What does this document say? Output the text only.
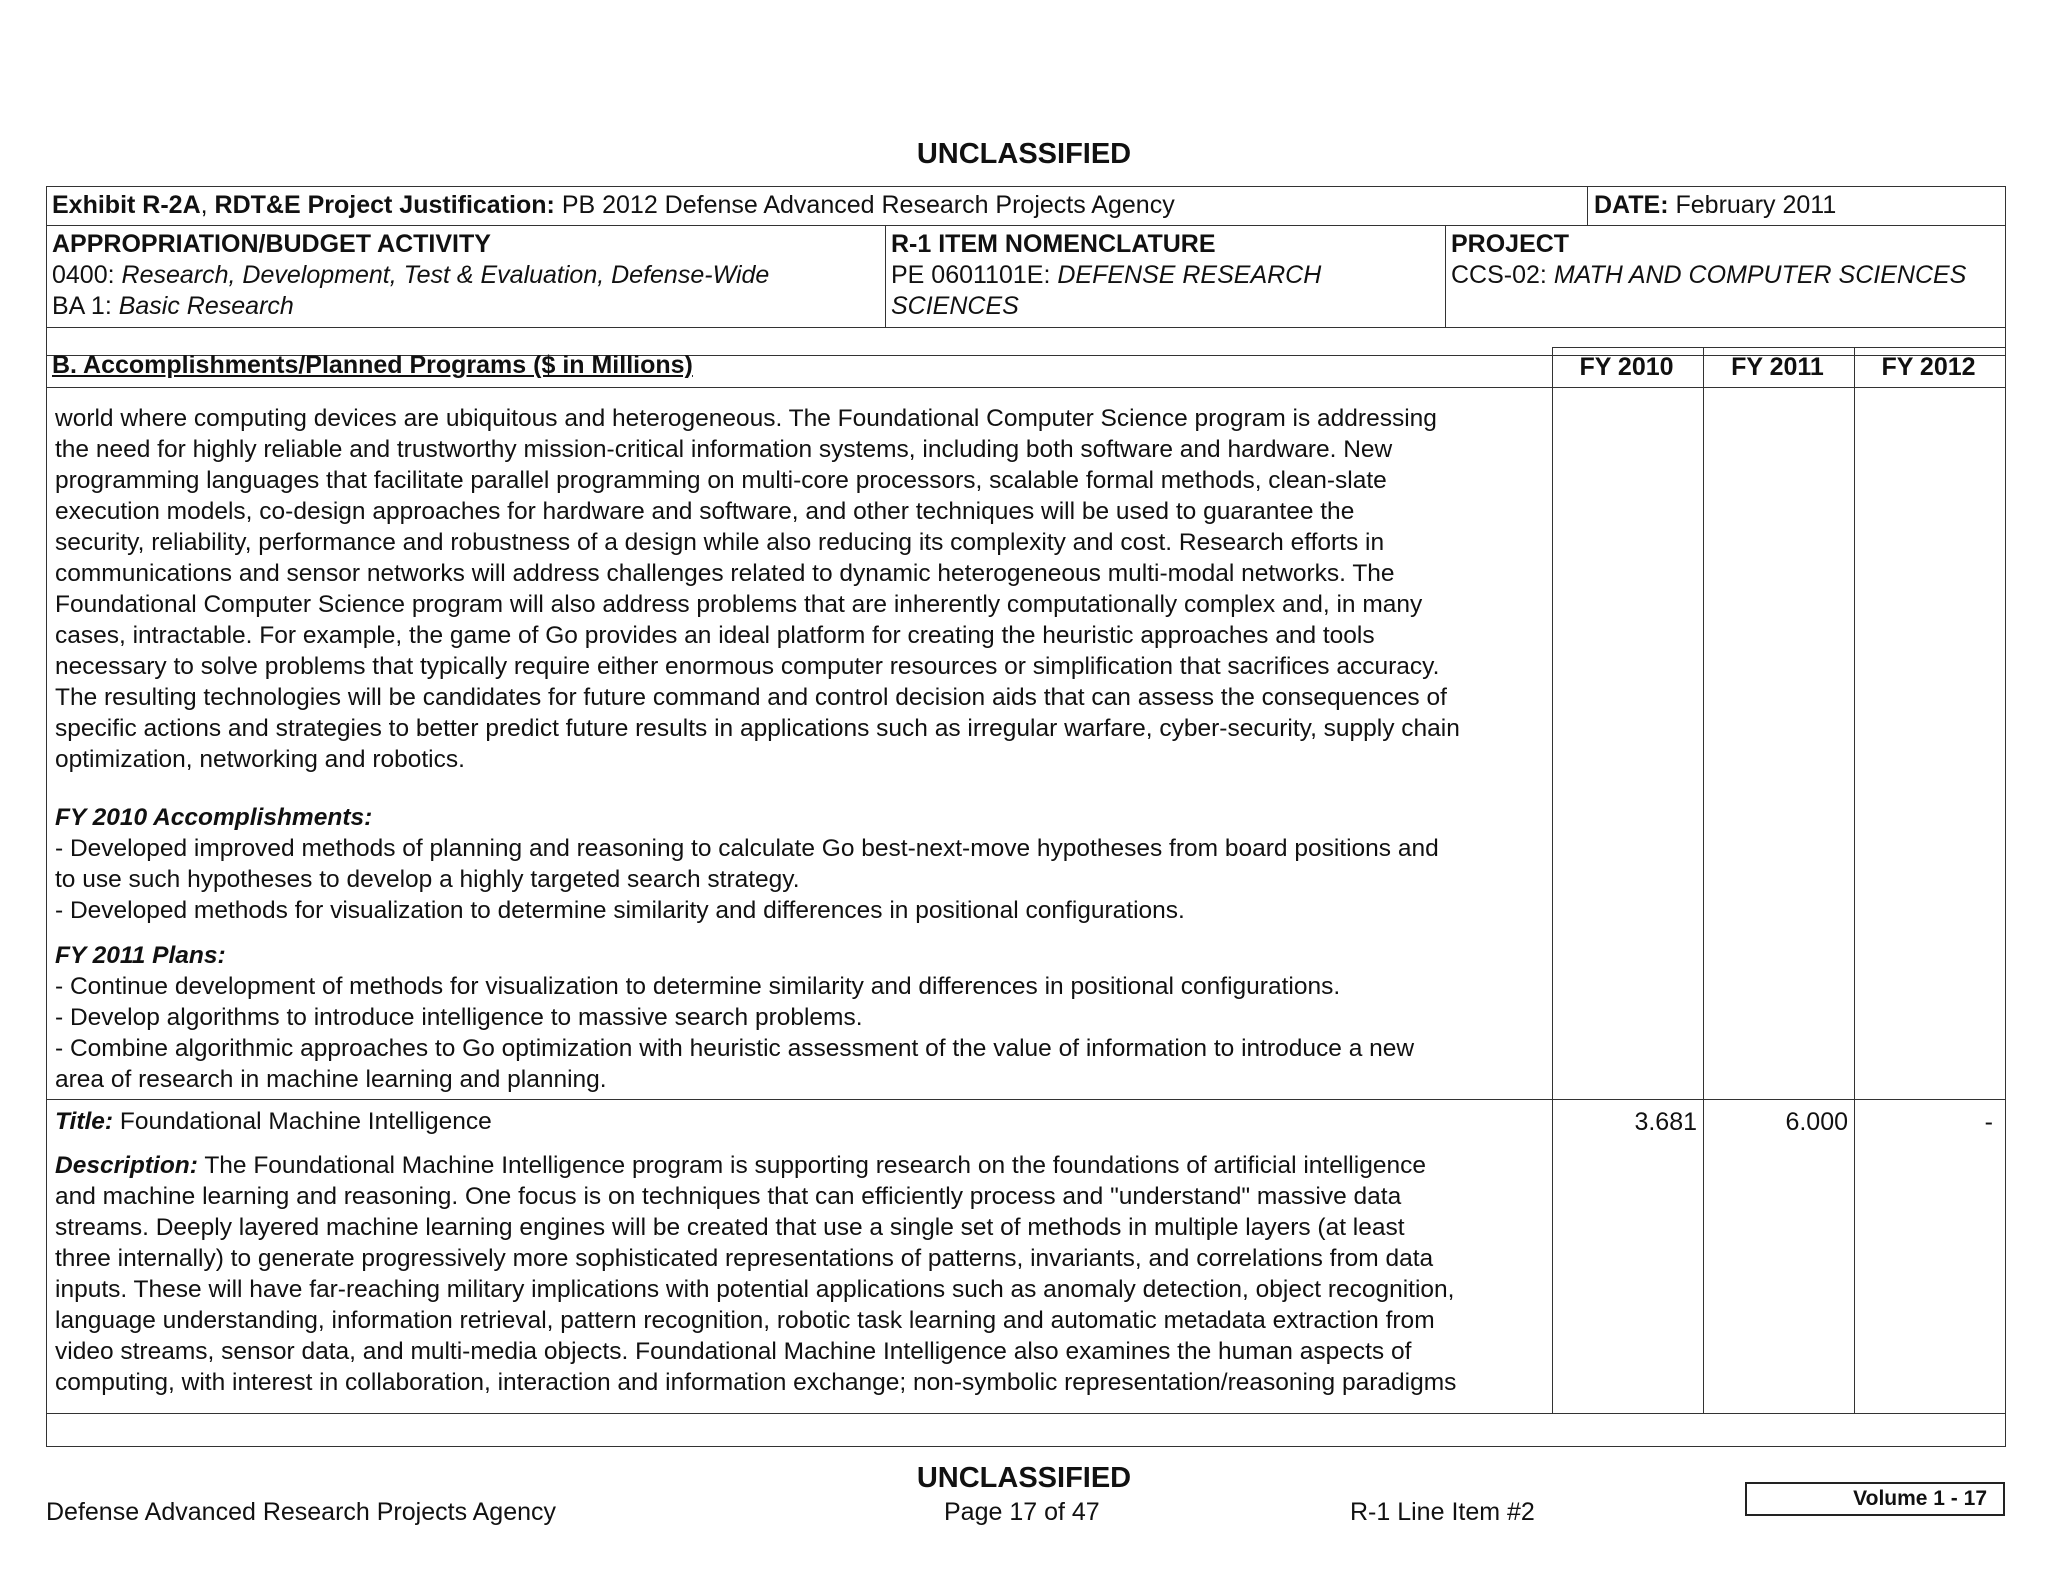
UNCLASSIFIED
Exhibit R-2A, RDT&E Project Justification: PB 2012 Defense Advanced Research Projects Agency	DATE: February 2011
APPROPRIATION/BUDGET ACTIVITY
0400: Research, Development, Test & Evaluation, Defense-Wide
BA 1: Basic Research
R-1 ITEM NOMENCLATURE
PE 0601101E: DEFENSE RESEARCH
SCIENCES
PROJECT
CCS-02: MATH AND COMPUTER SCIENCES
B. Accomplishments/Planned Programs ($ in Millions)	FY 2010	FY 2011	FY 2012
world where computing devices are ubiquitous and heterogeneous. The Foundational Computer Science program is addressing
the need for highly reliable and trustworthy mission-critical information systems, including both software and hardware. New
programming languages that facilitate parallel programming on multi-core processors, scalable formal methods, clean-slate
execution models, co-design approaches for hardware and software, and other techniques will be used to guarantee the
security, reliability, performance and robustness of a design while also reducing its complexity and cost. Research efforts in
communications and sensor networks will address challenges related to dynamic heterogeneous multi-modal networks. The
Foundational Computer Science program will also address problems that are inherently computationally complex and, in many
cases, intractable. For example, the game of Go provides an ideal platform for creating the heuristic approaches and tools
necessary to solve problems that typically require either enormous computer resources or simplification that sacrifices accuracy.
The resulting technologies will be candidates for future command and control decision aids that can assess the consequences of
specific actions and strategies to better predict future results in applications such as irregular warfare, cyber-security, supply chain
optimization, networking and robotics.
FY 2010 Accomplishments:
- Developed improved methods of planning and reasoning to calculate Go best-next-move hypotheses from board positions and
to use such hypotheses to develop a highly targeted search strategy.
- Developed methods for visualization to determine similarity and differences in positional configurations.
FY 2011 Plans:
- Continue development of methods for visualization to determine similarity and differences in positional configurations.
- Develop algorithms to introduce intelligence to massive search problems.
- Combine algorithmic approaches to Go optimization with heuristic assessment of the value of information to introduce a new
area of research in machine learning and planning.
Title: Foundational Machine Intelligence	3.681	6.000	-
Description: The Foundational Machine Intelligence program is supporting research on the foundations of artificial intelligence
and machine learning and reasoning. One focus is on techniques that can efficiently process and "understand" massive data
streams. Deeply layered machine learning engines will be created that use a single set of methods in multiple layers (at least
three internally) to generate progressively more sophisticated representations of patterns, invariants, and correlations from data
inputs. These will have far-reaching military implications with potential applications such as anomaly detection, object recognition,
language understanding, information retrieval, pattern recognition, robotic task learning and automatic metadata extraction from
video streams, sensor data, and multi-media objects. Foundational Machine Intelligence also examines the human aspects of
computing, with interest in collaboration, interaction and information exchange; non-symbolic representation/reasoning paradigms
UNCLASSIFIED
Defense Advanced Research Projects Agency	Page 17 of 47	R-1 Line Item #2	Volume 1 - 17
